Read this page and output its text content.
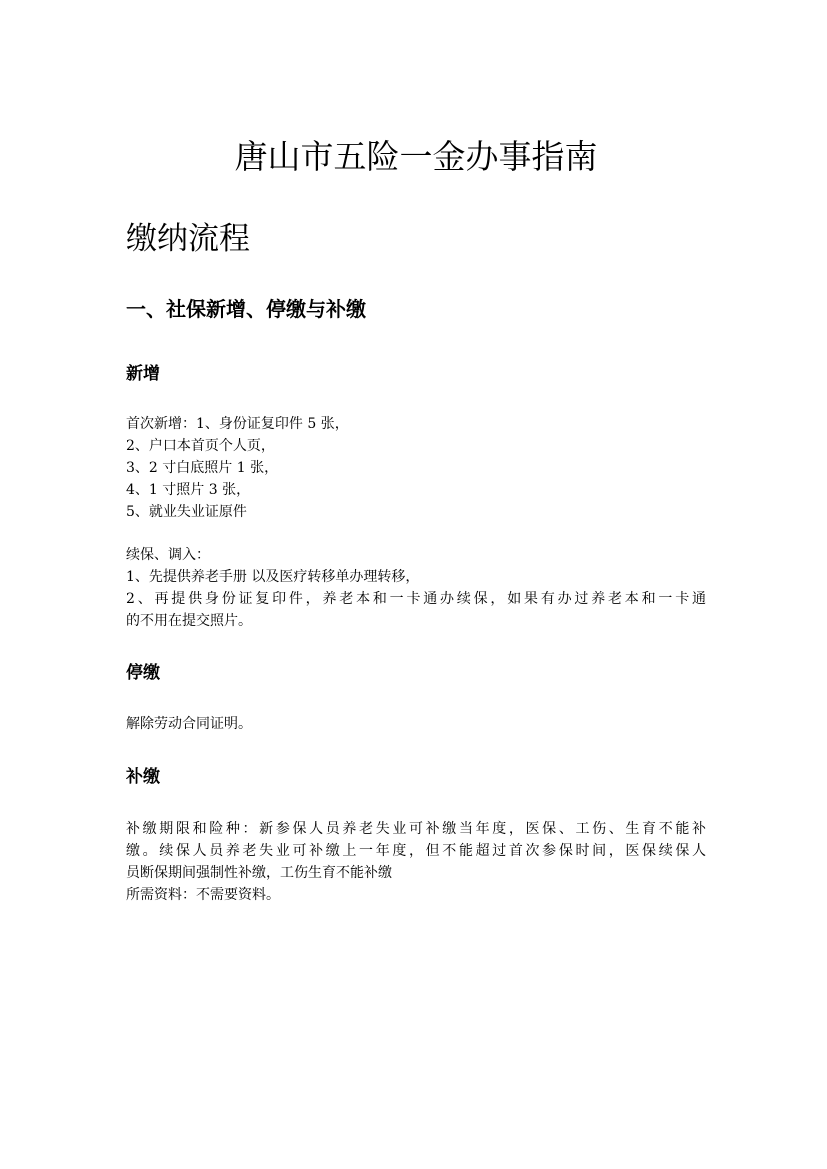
唐山市五险一金办事指南
缴纳流程
一、社保新增、停缴与补缴
新增
首次新增：1、身份证复印件 5 张，
2、户口本首页个人页，
3、2 寸白底照片 1 张，
4、1 寸照片 3 张，
5、就业失业证原件
续保、调入：
1、先提供养老手册 以及医疗转移单办理转移，
2、再提供身份证复印件，养老本和一卡通办续保，如果有办过养老本和一卡通
的不用在提交照片。
停缴
解除劳动合同证明。
补缴
补缴期限和险种：新参保人员养老失业可补缴当年度，医保、工伤、生育不能补
缴。续保人员养老失业可补缴上一年度，但不能超过首次参保时间，医保续保人
员断保期间强制性补缴，工伤生育不能补缴
所需资料：不需要资料。
